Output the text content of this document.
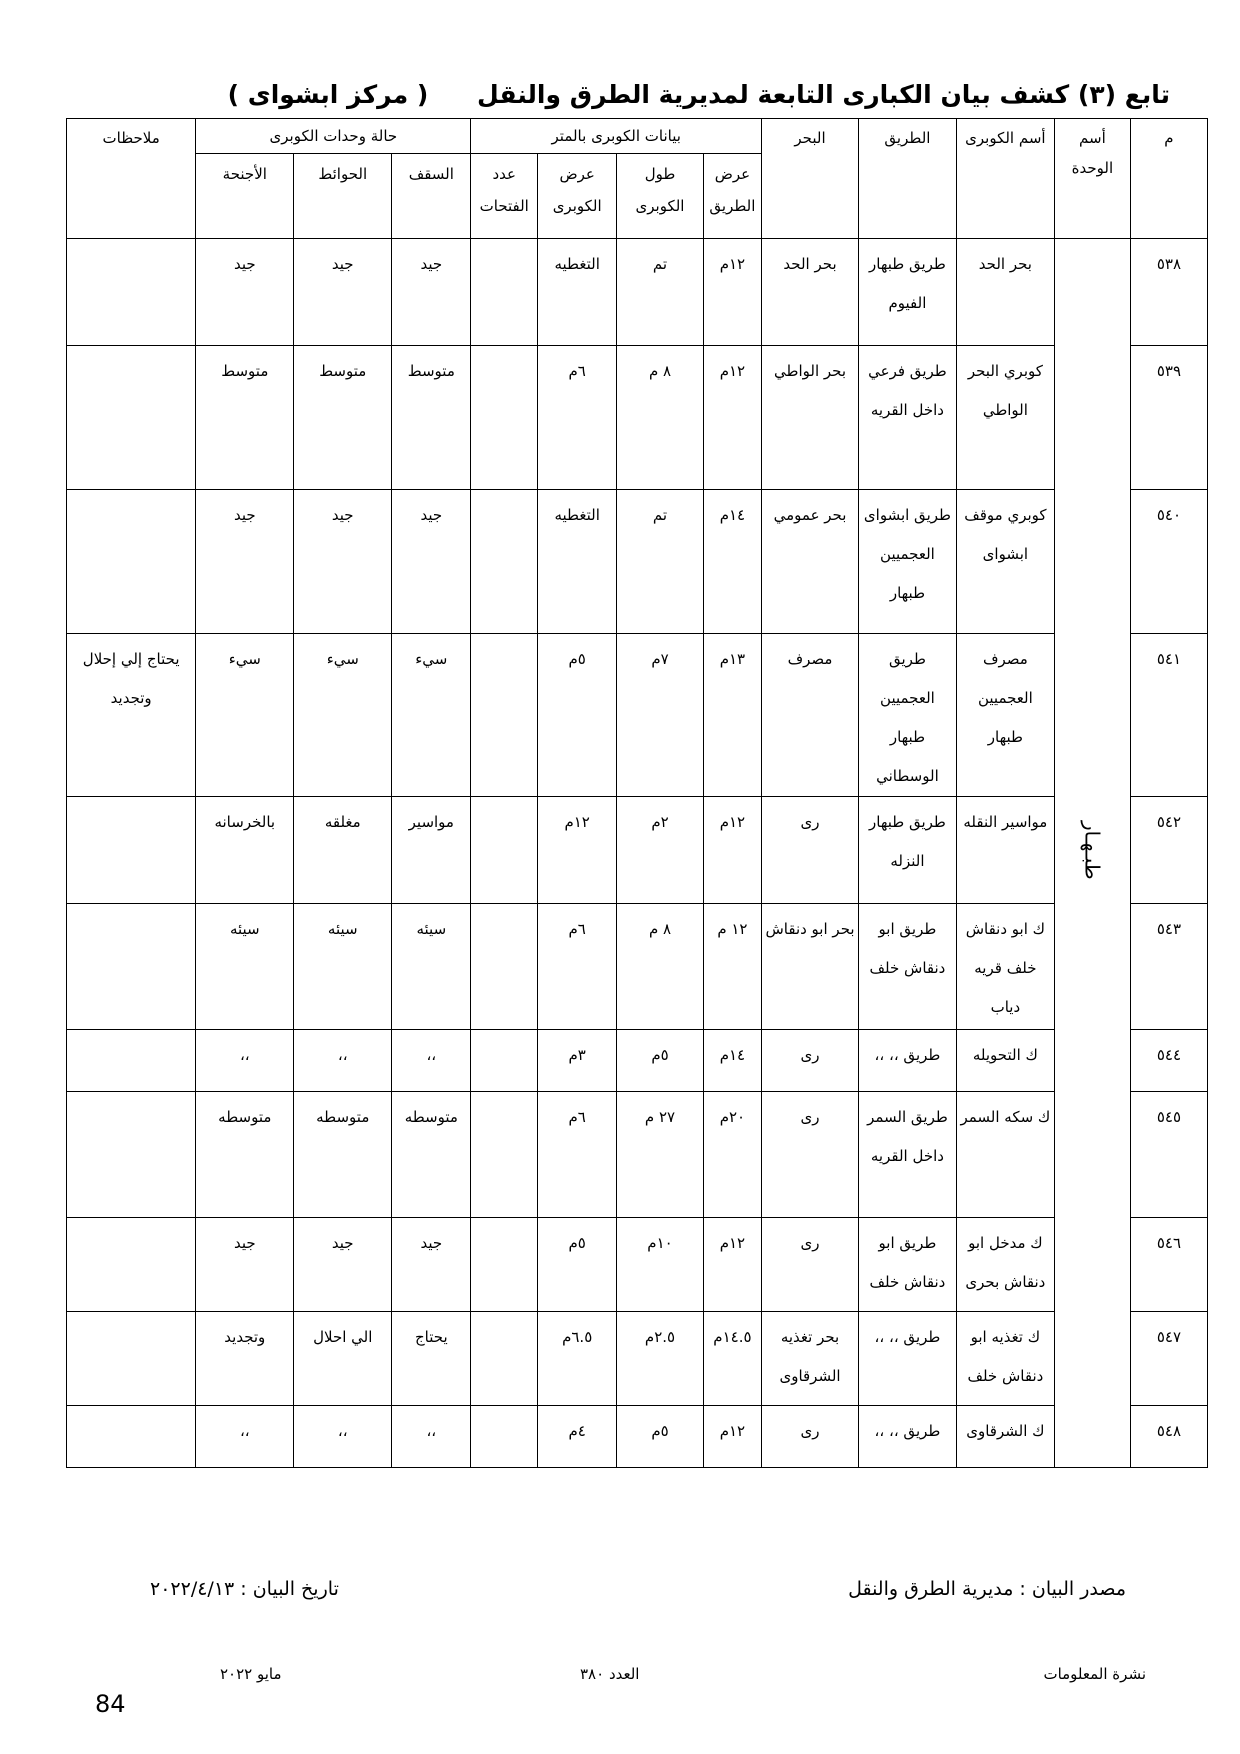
تابع (٣) كشف بيان الكبارى التابعة لمديرية الطرق والنقل ( مركز ابشواى )
م	أسم الوحدة	أسم الكوبرى	الطريق	البحر	بيانات الكوبرى بالمتر				حالة وحدات الكوبرى			ملاحظات
					عرض الطريق	طول الكوبرى	عرض الكوبرى	عدد الفتحات	السقف	الحوائط	الأجنحة	
٥٣٨	طبـهـار	بحر الحد	طريق طبهار الفيوم	بحر الحد	١٢م	تم	التغطيه		جيد	جيد	جيد	
٥٣٩		كوبري البحر الواطي	طريق فرعي داخل القريه	بحر الواطي	١٢م	٨ م	٦م		متوسط	متوسط	متوسط	
٥٤٠		كوبري موقف ابشواى	طريق ابشواى العجميين طبهار	بحر عمومي	١٤م	تم	التغطيه		جيد	جيد	جيد	
٥٤١		مصرف العجميين طبهار	طريق العجميين طبهار الوسطاني	مصرف	١٣م	٧م	٥م		سيء	سيء	سيء	يحتاج إلي إحلال وتجديد
٥٤٢		مواسير النقله	طريق طبهار النزله	رى	١٢م	٢م	١٢م		مواسير	مغلقه	بالخرسانه	
٥٤٣		ك ابو دنقاش خلف قريه دياب	طريق ابو دنقاش خلف	بحر ابو دنقاش	١٢ م	٨ م	٦م		سيئه	سيئه	سيئه	
٥٤٤		ك التحويله	طريق ،، ،،	رى	١٤م	٥م	٣م		،،	،،	،،	
٥٤٥		ك سكه السمر	طريق السمر داخل القريه	رى	٢٠م	٢٧ م	٦م		متوسطه	متوسطه	متوسطه	
٥٤٦		ك مدخل ابو دنقاش بحرى	طريق ابو دنقاش خلف	رى	١٢م	١٠م	٥م		جيد	جيد	جيد	
٥٤٧		ك تغذيه ابو دنقاش خلف	طريق ،، ،،	بحر تغذيه الشرقاوى	١٤.٥م	٢.٥م	٦.٥م		يحتاج	الي احلال	وتجديد	
٥٤٨		ك الشرقاوى	طريق ،، ،،	رى	١٢م	٥م	٤م		،،	،،	،،	
مصدر البيان : مديرية الطرق والنقل
تاريخ البيان : ٢٠٢٢/٤/١٣
نشرة المعلومات
العدد ٣٨٠
مايو ٢٠٢٢
84
